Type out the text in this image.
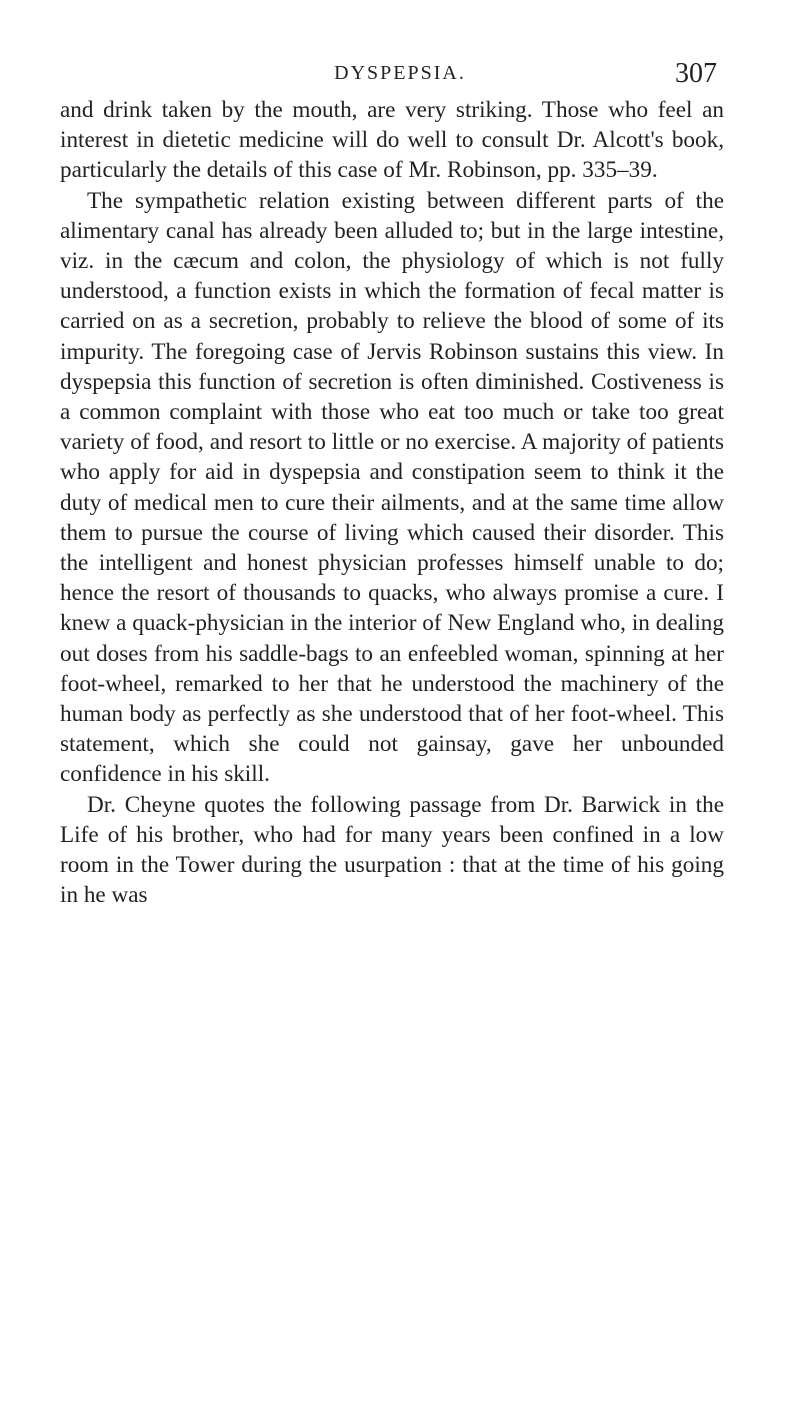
DYSPEPSIA.	307

and drink taken by the mouth, are very striking. Those who feel an interest in dietetic medicine will do well to consult Dr. Alcott's book, particularly the details of this case of Mr. Robinson, pp. 335–39.

The sympathetic relation existing between different parts of the alimentary canal has already been alluded to; but in the large intestine, viz. in the cæcum and colon, the physiology of which is not fully understood, a function exists in which the formation of fecal matter is carried on as a secretion, probably to relieve the blood of some of its impurity. The foregoing case of Jervis Robinson sustains this view. In dyspepsia this function of secretion is often diminished. Costiveness is a common complaint with those who eat too much or take too great variety of food, and resort to little or no exercise. A majority of patients who apply for aid in dyspepsia and constipation seem to think it the duty of medical men to cure their ailments, and at the same time allow them to pursue the course of living which caused their disorder. This the intelligent and honest physician professes himself unable to do; hence the resort of thousands to quacks, who always promise a cure. I knew a quack-physician in the interior of New England who, in dealing out doses from his saddle-bags to an enfeebled woman, spinning at her foot-wheel, remarked to her that he understood the machinery of the human body as perfectly as she understood that of her foot-wheel. This statement, which she could not gainsay, gave her unbounded confidence in his skill.

Dr. Cheyne quotes the following passage from Dr. Barwick in the Life of his brother, who had for many years been confined in a low room in the Tower during the usurpation : that at the time of his going in he was
